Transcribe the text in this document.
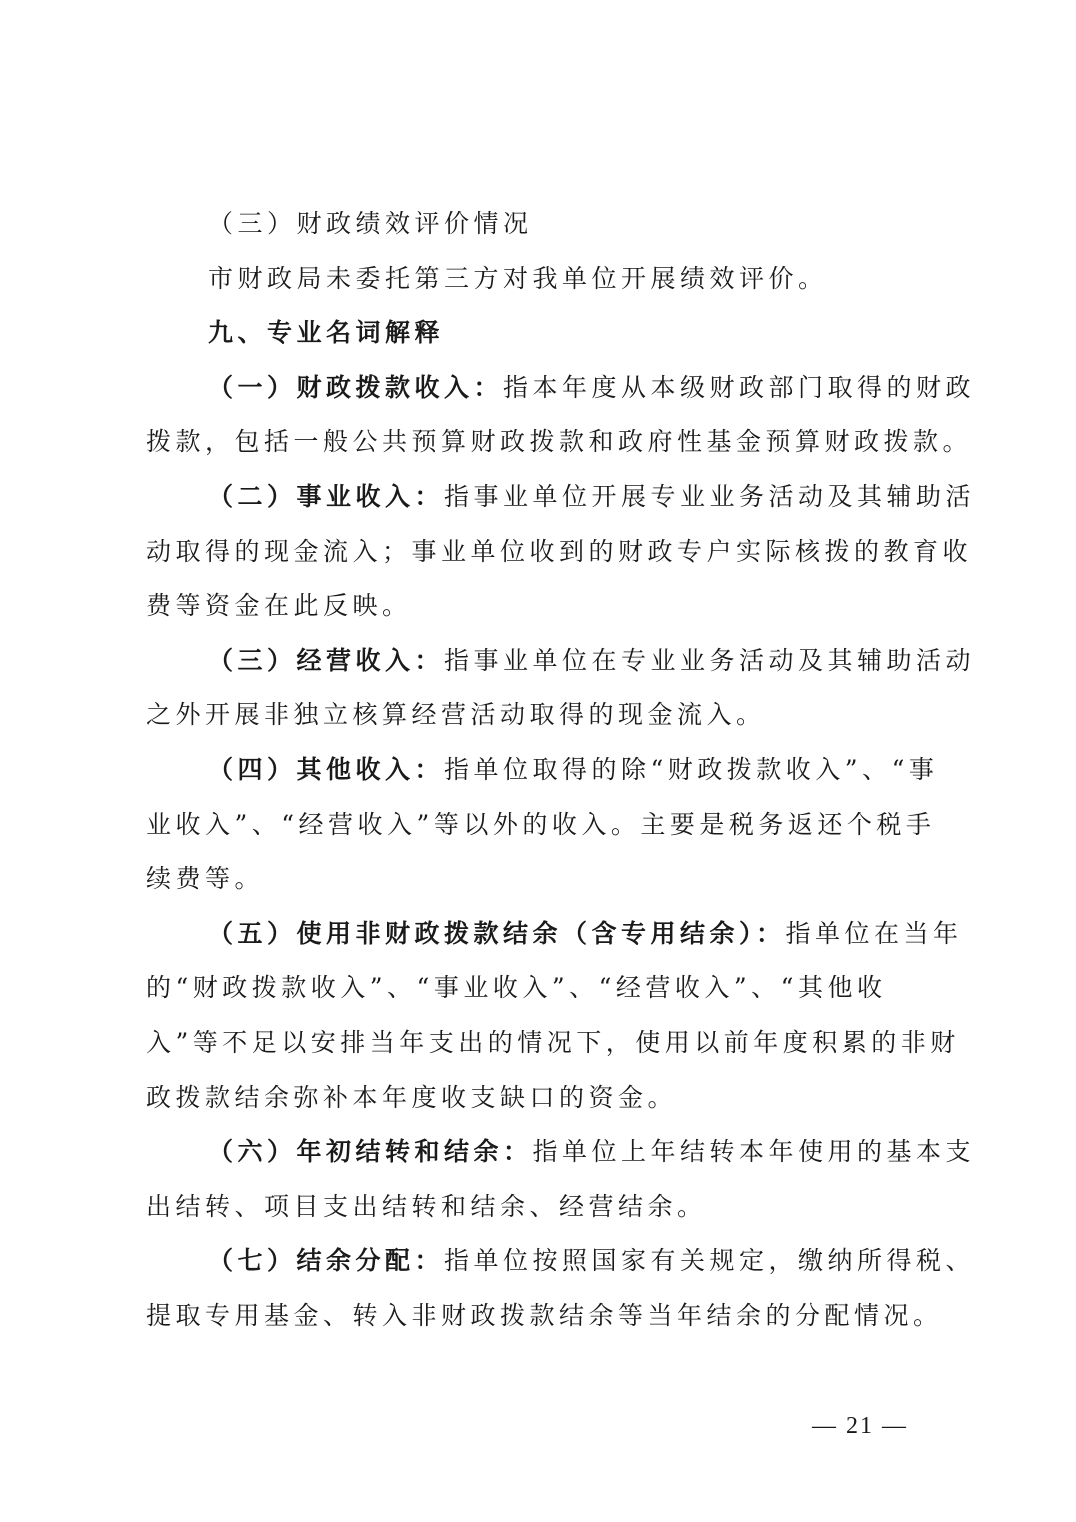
（三）财政绩效评价情况
市财政局未委托第三方对我单位开展绩效评价。
九、专业名词解释
（一）财政拨款收入：指本年度从本级财政部门取得的财政
拨款，包括一般公共预算财政拨款和政府性基金预算财政拨款。
（二）事业收入：指事业单位开展专业业务活动及其辅助活
动取得的现金流入；事业单位收到的财政专户实际核拨的教育收
费等资金在此反映。
（三）经营收入：指事业单位在专业业务活动及其辅助活动
之外开展非独立核算经营活动取得的现金流入。
（四）其他收入：指单位取得的除“财政拨款收入”、“事
业收入”、“经营收入”等以外的收入。主要是税务返还个税手
续费等。
（五）使用非财政拨款结余（含专用结余）：指单位在当年
的“财政拨款收入”、“事业收入”、“经营收入”、“其他收
入”等不足以安排当年支出的情况下，使用以前年度积累的非财
政拨款结余弥补本年度收支缺口的资金。
（六）年初结转和结余：指单位上年结转本年使用的基本支
出结转、项目支出结转和结余、经营结余。
（七）结余分配：指单位按照国家有关规定，缴纳所得税、
提取专用基金、转入非财政拨款结余等当年结余的分配情况。
— 21 —
